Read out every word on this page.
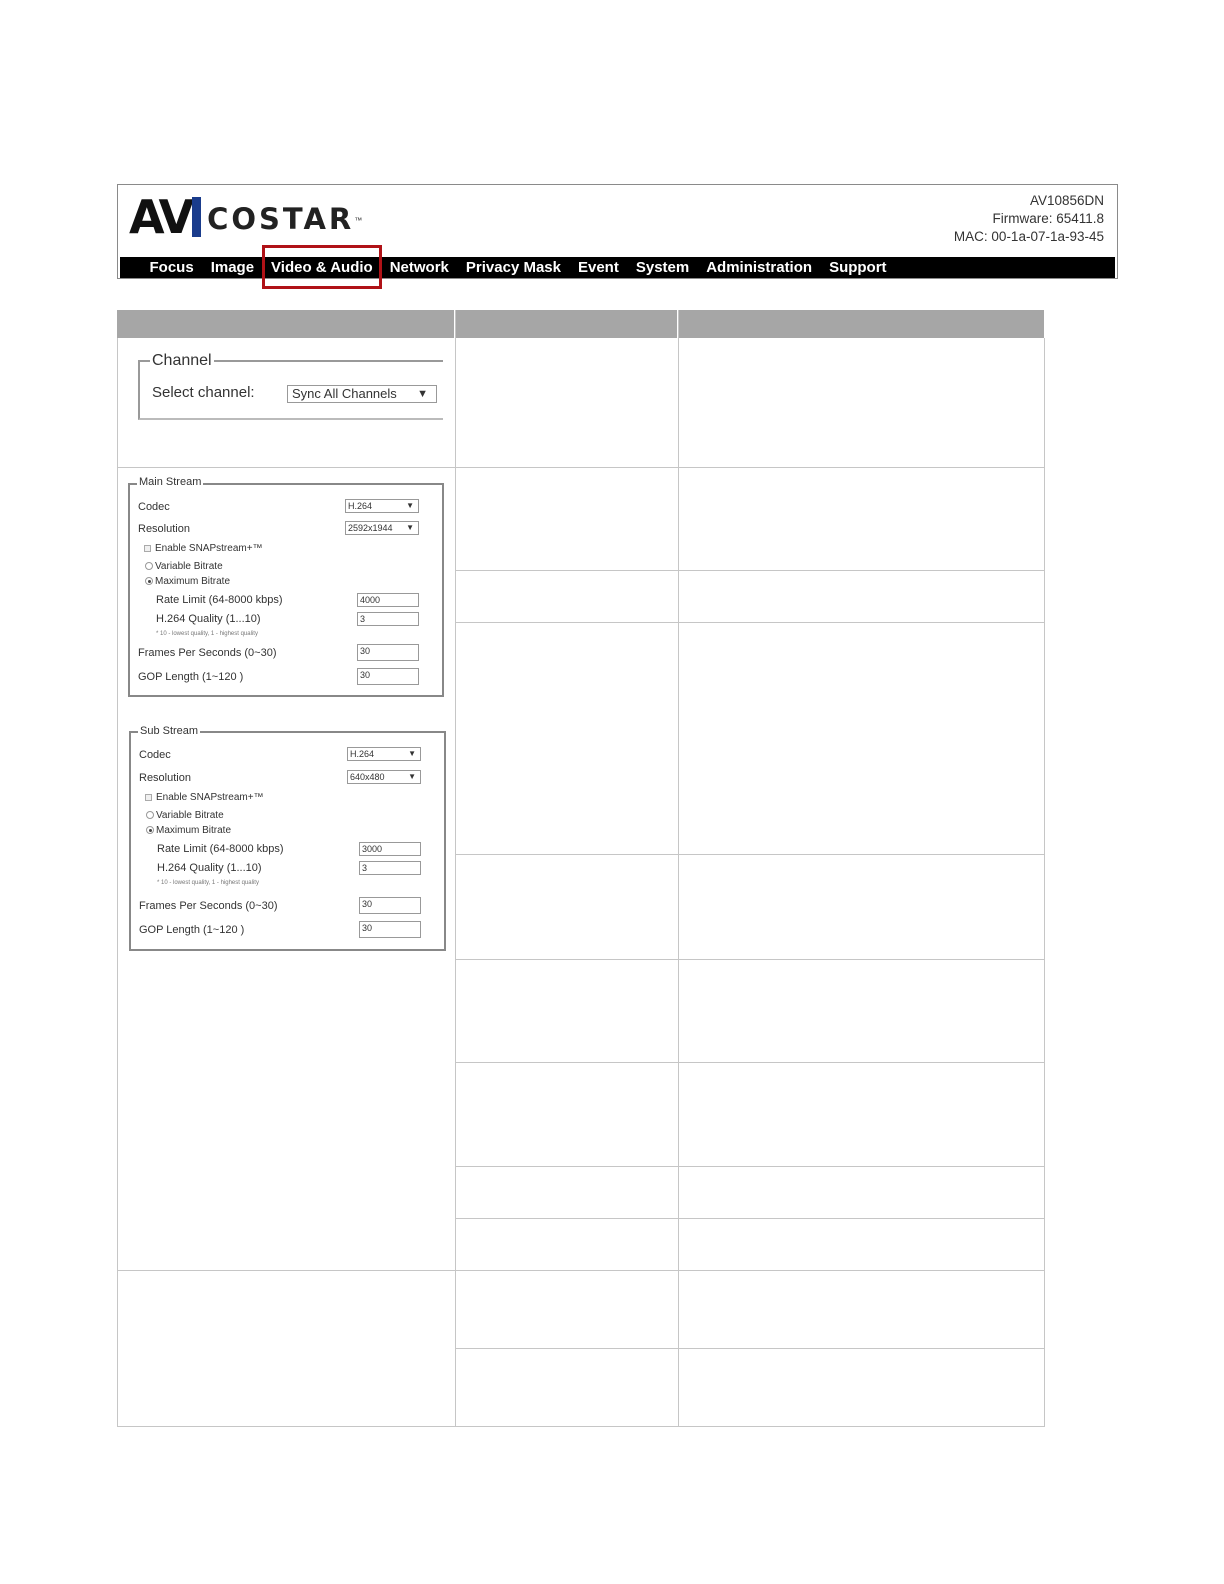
AV COSTAR ™
AV10856DN
Firmware: 65411.8
MAC: 00-1a-07-1a-93-45
Focus	Image	Video & Audio	Network	Privacy Mask	Event	System	Administration	Support
Channel
Select channel:	Sync All Channels ▼
Main Stream
Codec	H.264	▼
Resolution	2592x1944 ▼
Enable SNAPstream+™
Variable Bitrate
Maximum Bitrate
Rate Limit (64-8000 kbps)	4000
H.264 Quality (1...10)	3
* 10 - lowest quality, 1 - highest quality
Frames Per Seconds (0~30)	30
GOP Length (1~120 )	30
Sub Stream
Codec	H.264	▼
Resolution	640x480	▼
Enable SNAPstream+™
Variable Bitrate
Maximum Bitrate
Rate Limit (64-8000 kbps)	3000
H.264 Quality (1...10)	3
* 10 - lowest quality, 1 - highest quality
Frames Per Seconds (0~30)	30
GOP Length (1~120 )	30
